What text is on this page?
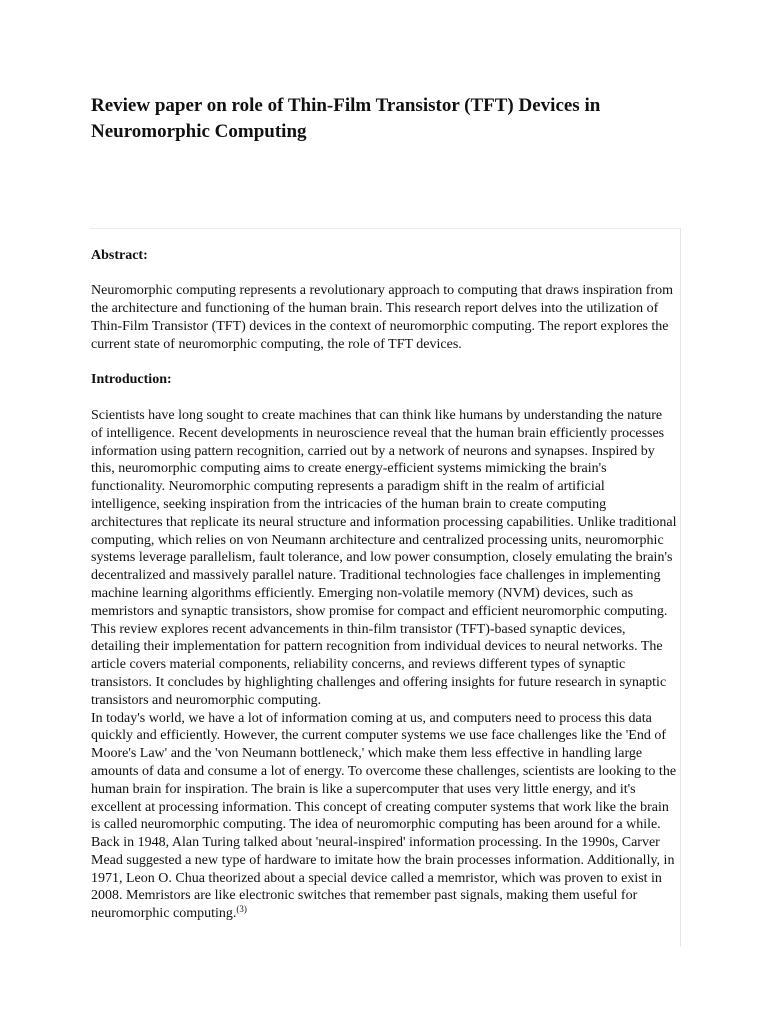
Review paper on role of Thin-Film Transistor (TFT) Devices in Neuromorphic Computing

Abstract:

Neuromorphic computing represents a revolutionary approach to computing that draws inspiration from the architecture and functioning of the human brain. This research report delves into the utilization of Thin-Film Transistor (TFT) devices in the context of neuromorphic computing. The report explores the current state of neuromorphic computing, the role of TFT devices.

Introduction:

Scientists have long sought to create machines that can think like humans by understanding the nature of intelligence. Recent developments in neuroscience reveal that the human brain efficiently processes information using pattern recognition, carried out by a network of neurons and synapses. Inspired by this, neuromorphic computing aims to create energy-efficient systems mimicking the brain's functionality. Neuromorphic computing represents a paradigm shift in the realm of artificial intelligence, seeking inspiration from the intricacies of the human brain to create computing architectures that replicate its neural structure and information processing capabilities. Unlike traditional computing, which relies on von Neumann architecture and centralized processing units, neuromorphic systems leverage parallelism, fault tolerance, and low power consumption, closely emulating the brain's decentralized and massively parallel nature. Traditional technologies face challenges in implementing machine learning algorithms efficiently. Emerging non-volatile memory (NVM) devices, such as memristors and synaptic transistors, show promise for compact and efficient neuromorphic computing. This review explores recent advancements in thin-film transistor (TFT)-based synaptic devices, detailing their implementation for pattern recognition from individual devices to neural networks. The article covers material components, reliability concerns, and reviews different types of synaptic transistors. It concludes by highlighting challenges and offering insights for future research in synaptic transistors and neuromorphic computing.

In today's world, we have a lot of information coming at us, and computers need to process this data quickly and efficiently. However, the current computer systems we use face challenges like the 'End of Moore's Law' and the 'von Neumann bottleneck,' which make them less effective in handling large amounts of data and consume a lot of energy. To overcome these challenges, scientists are looking to the human brain for inspiration. The brain is like a supercomputer that uses very little energy, and it's excellent at processing information. This concept of creating computer systems that work like the brain is called neuromorphic computing. The idea of neuromorphic computing has been around for a while. Back in 1948, Alan Turing talked about 'neural-inspired' information processing. In the 1990s, Carver Mead suggested a new type of hardware to imitate how the brain processes information. Additionally, in 1971, Leon O. Chua theorized about a special device called a memristor, which was proven to exist in 2008. Memristors are like electronic switches that remember past signals, making them useful for neuromorphic computing.$^{(3)}$
